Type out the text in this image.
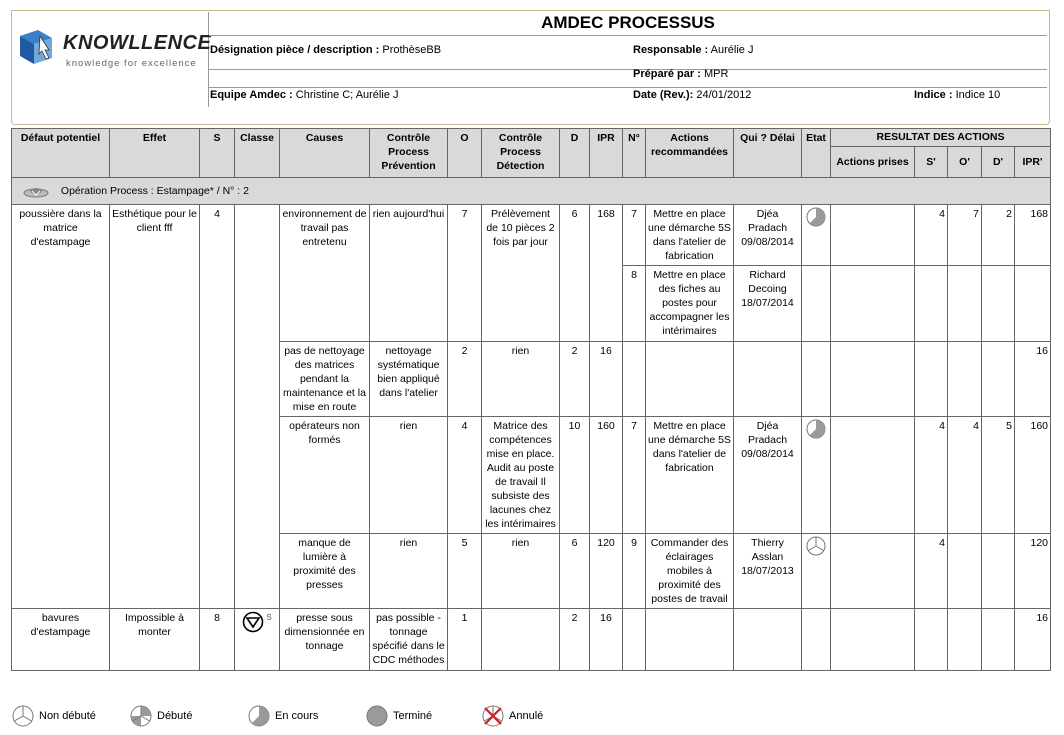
KNOWLLENCE
knowledge for excellence
AMDEC PROCESSUS
Désignation pièce / description : ProthèseBB	Responsable : Aurélie J
Préparé par : MPR
Equipe Amdec : Christine C; Aurélie J	Date (Rev.): 24/01/2012	Indice : Indice 10
Défaut potentiel	Effet	S	Classe	Causes	Contrôle Process Prévention	O	Contrôle Process Détection	D	IPR	N°	Actions recommandées	Qui ? Délai	Etat	RESULTAT DES ACTIONS				
														Actions prises	S'	O'	D'	IPR'
Opération Process : Estampage* / N° : 2																		
poussière dans la matrice d'estampage	Esthétique pour le client fff	4		environnement de travail pas entretenu	rien aujourd'hui	7	Prélèvement de 10 pièces 2 fois par jour	6	168	7	Mettre en place une démarche 5S dans l'atelier de fabrication	Djéa Pradach 09/08/2014			4	7	2	168
										8	Mettre en place des fiches au postes pour accompagner les intérimaires	Richard Decoing 18/07/2014						
				pas de nettoyage des matrices pendant la maintenance et la mise en route	nettoyage systématique bien appliqué dans l'atelier	2	rien	2	16									16
				opérateurs non formés	rien	4	Matrice des compétences mise en place. Audit au poste de travail Il subsiste des lacunes chez les intérimaires	10	160	7	Mettre en place une démarche 5S dans l'atelier de fabrication	Djéa Pradach 09/08/2014			4	4	5	160
				manque de lumière à proximité des presses	rien	5	rien	6	120	9	Commander des éclairages mobiles à proximité des postes de travail	Thierry Asslan 18/07/2013			4			120
bavures d'estampage	Impossible à monter	8	$^S$	presse sous dimensionnée en tonnage	pas possible - tonnage spécifié dans le CDC méthodes	1		2	16									16
Non débuté	Débuté	En cours	Terminé	Annulé
